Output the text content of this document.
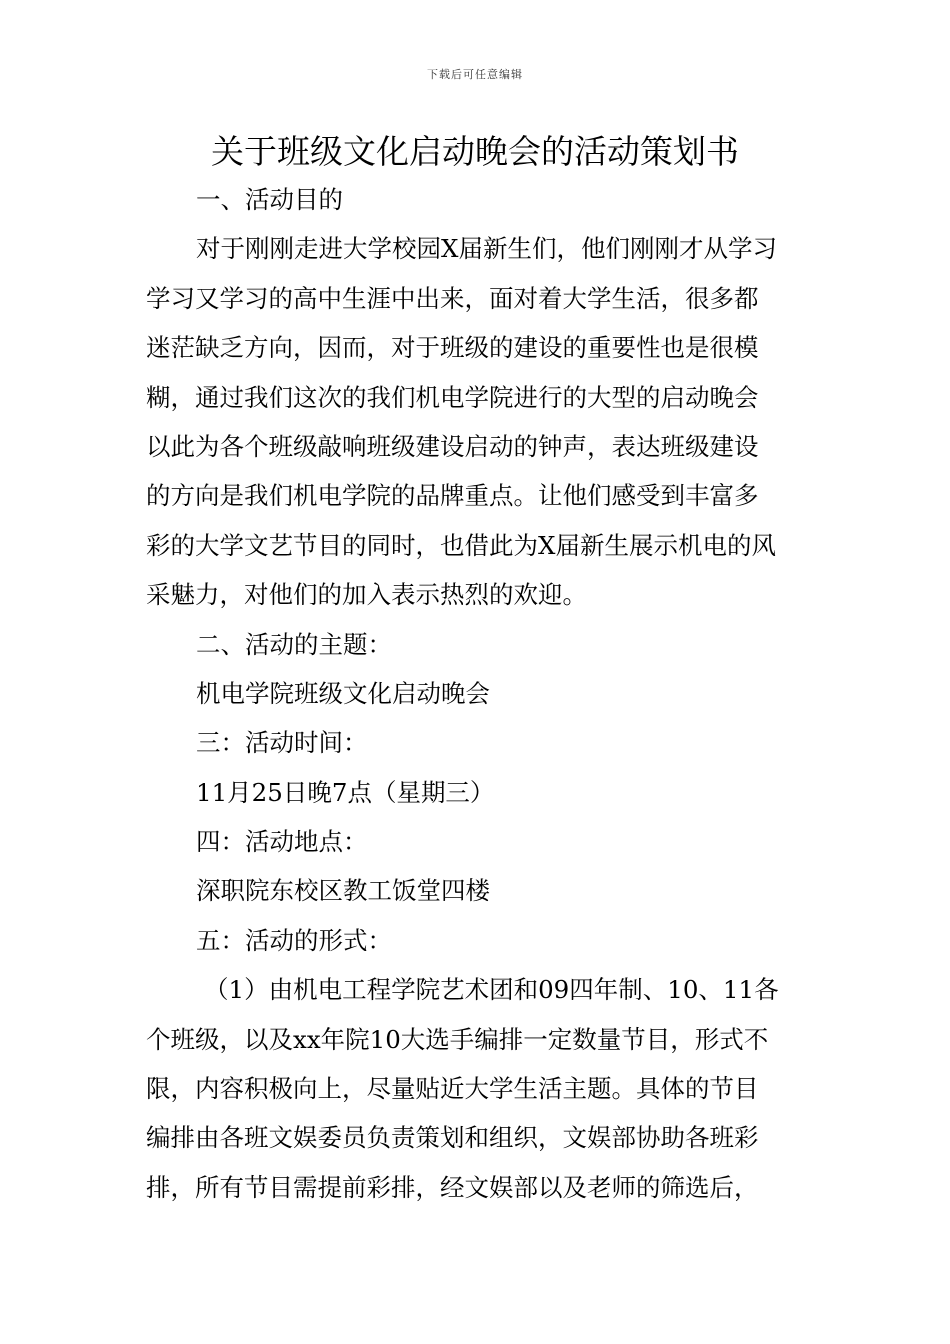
下载后可任意编辑
关于班级文化启动晚会的活动策划书
一、活动目的
对于刚刚走进大学校园X届新生们，他们刚刚才从学习
学习又学习的高中生涯中出来，面对着大学生活，很多都
迷茫缺乏方向，因而，对于班级的建设的重要性也是很模
糊，通过我们这次的我们机电学院进行的大型的启动晚会
以此为各个班级敲响班级建设启动的钟声，表达班级建设
的方向是我们机电学院的品牌重点。让他们感受到丰富多
彩的大学文艺节目的同时，也借此为X届新生展示机电的风
采魅力，对他们的加入表示热烈的欢迎。
二、活动的主题：
机电学院班级文化启动晚会
三：活动时间：
11月25日晚7点（星期三）
四：活动地点：
深职院东校区教工饭堂四楼
五：活动的形式：
（1）由机电工程学院艺术团和09四年制、10、11各
个班级，以及xx年院10大选手编排一定数量节目，形式不
限，内容积极向上，尽量贴近大学生活主题。具体的节目
编排由各班文娱委员负责策划和组织，文娱部协助各班彩
排，所有节目需提前彩排，经文娱部以及老师的筛选后，
